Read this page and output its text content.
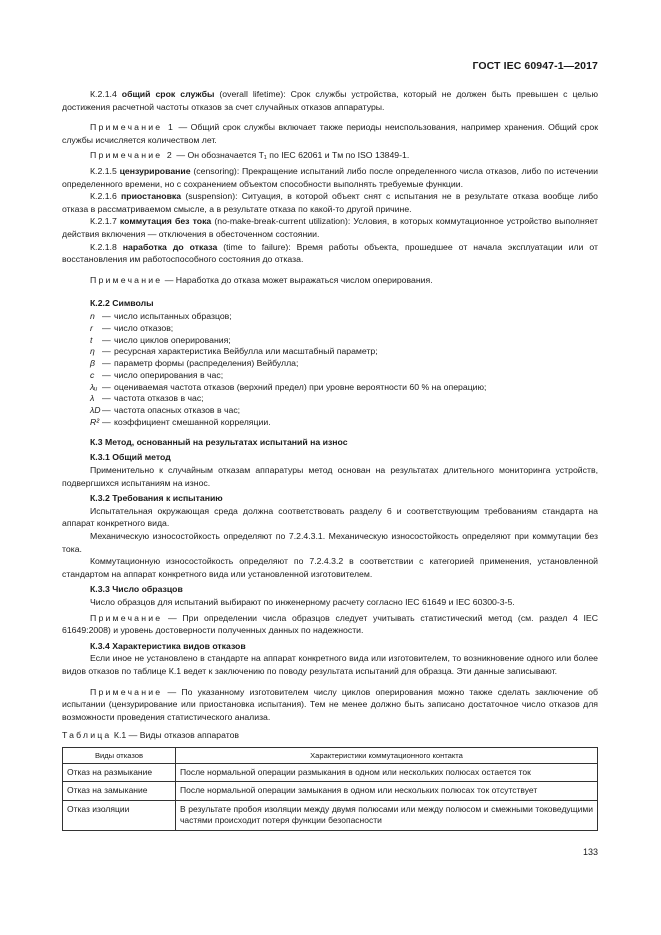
ГОСТ IEC 60947-1—2017

К.2.1.4 общий срок службы (overall lifetime): Срок службы устройства, который не должен быть превышен с целью достижения расчетной частоты отказов за счет случайных отказов аппаратуры.

Примечание 1 — Общий срок службы включает также периоды неиспользования, например хранения. Общий срок службы исчисляется количеством лет.

Примечание 2 — Он обозначается T₁ по IEC 62061 и Tм по ISO 13849-1.

К.2.1.5 цензурирование (censoring): Прекращение испытаний либо после определенного числа отказов, либо по истечении определенного времени, но с сохранением объектом способности выполнять требуемые функции.

К.2.1.6 приостановка (suspension): Ситуация, в которой объект снят с испытания не в результате отказа вообще либо отказа в рассматриваемом смысле, а в результате отказа по какой-то другой причине.

К.2.1.7 коммутация без тока (no-make-break-current utilization): Условия, в которых коммутационное устройство выполняет действия включения — отключения в обесточенном состоянии.

К.2.1.8 наработка до отказа (time to failure): Время работы объекта, прошедшее от начала эксплуатации или от восстановления им работоспособного состояния до отказа.

Примечание — Наработка до отказа может выражаться числом оперирования.

К.2.2 Символы
n — число испытанных образцов;
r	— число отказов;
t	— число циклов оперирования;
η — ресурсная характеристика Вейбулла или масштабный параметр;
β — параметр формы (распределения) Вейбулла;
c — число оперирования в час;
λᵤ — оцениваемая частота отказов (верхний предел) при уровне вероятности 60 % на операцию;
λ — частота отказов в час;
λD — частота опасных отказов в час;
R² — коэффициент смешанной корреляции.
К.3 Метод, основанный на результатах испытаний на износ
К.3.1 Общий метод

Применительно к случайным отказам аппаратуры метод основан на результатах длительного мониторинга устройств, подвергшихся испытаниям на износ.

К.3.2 Требования к испытанию

Испытательная окружающая среда должна соответствовать разделу 6 и соответствующим требованиям стандарта на аппарат конкретного вида.

Механическую износостойкость определяют по 7.2.4.3.1. Механическую износостойкость определяют при коммутации без тока.

Коммутационную износостойкость определяют по 7.2.4.3.2 в соответствии с категорией применения, установленной стандартом на аппарат конкретного вида или установленной изготовителем.

К.3.3 Число образцов

Число образцов для испытаний выбирают по инженерному расчету согласно IEC 61649 и IEC 60300-3-5.

Примечание — При определении числа образцов следует учитывать статистический метод (см. раздел 4 IEC 61649:2008) и уровень достоверности полученных данных по надежности.

К.3.4 Характеристика видов отказов

Если иное не установлено в стандарте на аппарат конкретного вида или изготовителем, то возникновение одного или более видов отказов по таблице К.1 ведет к заключению по поводу результата испытаний для образца. Эти данные записывают.

Примечание — По указанному изготовителем числу циклов оперирования можно также сделать заключение об испытании (цензурирование или приостановка испытания). Тем не менее должно быть записано достаточное число отказов для возможности проведения статистического анализа.

Таблица К.1 — Виды отказов аппаратов

Виды отказов	Характеристики коммутационного контакта
Отказ на размыкание	После нормальной операции размыкания в одном или нескольких полюсах остается ток
Отказ на замыкание	После нормальной операции замыкания в одном или нескольких полюсах ток отсутствует
Отказ изоляции	В результате пробоя изоляции между двумя полюсами или между полюсом и смежными токоведущими частями происходит потеря функции безопасности
133
